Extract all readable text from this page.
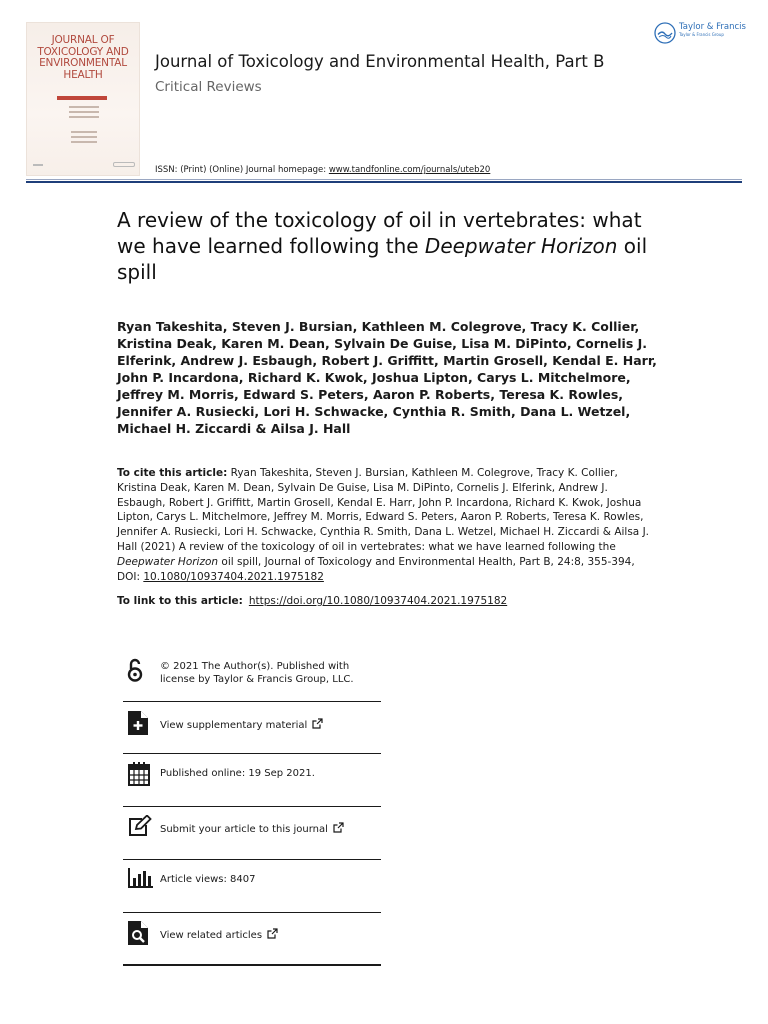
JOURNAL OF
TOXICOLOGY AND
ENVIRONMENTAL
HEALTH
Journal of Toxicology and Environmental Health, Part B
Critical Reviews
ISSN: (Print) (Online) Journal homepage: www.tandfonline.com/journals/uteb20
Taylor & Francis
Taylor & Francis Group
A review of the toxicology of oil in vertebrates: what we have learned following the Deepwater Horizon oil spill
Ryan Takeshita, Steven J. Bursian, Kathleen M. Colegrove, Tracy K. Collier, Kristina Deak, Karen M. Dean, Sylvain De Guise, Lisa M. DiPinto, Cornelis J. Elferink, Andrew J. Esbaugh, Robert J. Griffitt, Martin Grosell, Kendal E. Harr, John P. Incardona, Richard K. Kwok, Joshua Lipton, Carys L. Mitchelmore, Jeffrey M. Morris, Edward S. Peters, Aaron P. Roberts, Teresa K. Rowles, Jennifer A. Rusiecki, Lori H. Schwacke, Cynthia R. Smith, Dana L. Wetzel, Michael H. Ziccardi & Ailsa J. Hall
To cite this article: Ryan Takeshita, Steven J. Bursian, Kathleen M. Colegrove, Tracy K. Collier, Kristina Deak, Karen M. Dean, Sylvain De Guise, Lisa M. DiPinto, Cornelis J. Elferink, Andrew J. Esbaugh, Robert J. Griffitt, Martin Grosell, Kendal E. Harr, John P. Incardona, Richard K. Kwok, Joshua Lipton, Carys L. Mitchelmore, Jeffrey M. Morris, Edward S. Peters, Aaron P. Roberts, Teresa K. Rowles, Jennifer A. Rusiecki, Lori H. Schwacke, Cynthia R. Smith, Dana L. Wetzel, Michael H. Ziccardi & Ailsa J. Hall (2021) A review of the toxicology of oil in vertebrates: what we have learned following the Deepwater Horizon oil spill, Journal of Toxicology and Environmental Health, Part B, 24:8, 355-394, DOI: 10.1080/10937404.2021.1975182
To link to this article: https://doi.org/10.1080/10937404.2021.1975182
© 2021 The Author(s). Published with license by Taylor & Francis Group, LLC.
View supplementary material
Published online: 19 Sep 2021.
Submit your article to this journal
Article views: 8407
View related articles
